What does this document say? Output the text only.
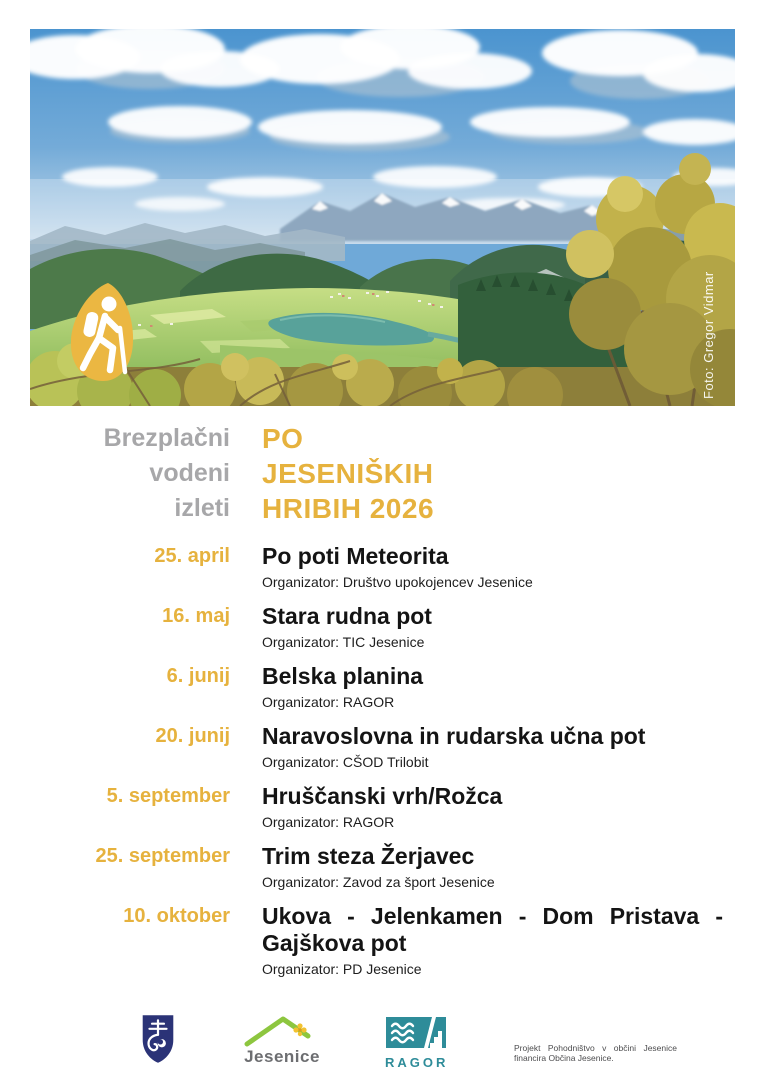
Foto: Gregor Vidmar
Brezplačni
vodeni
izleti
PO
JESENIŠKIH
HRIBIH 2026
25. april Po poti Meteorita
Organizator: Društvo upokojencev Jesenice
16. maj Stara rudna pot
Organizator: TIC Jesenice
6. junij Belska planina
Organizator: RAGOR
20. junij Naravoslovna in rudarska učna pot
Organizator: CŠOD Trilobit
5. september Hruščanski vrh/Rožca
Organizator: RAGOR
25. september Trim steza Žerjavec
Organizator: Zavod za šport Jesenice
10. oktober Ukova - Jelenkamen - Dom Pristava - Gajškova pot
Organizator: PD Jesenice
Jesenice	RAGOR
Projekt Pohodništvo v občini Jesenice financira Občina Jesenice.
